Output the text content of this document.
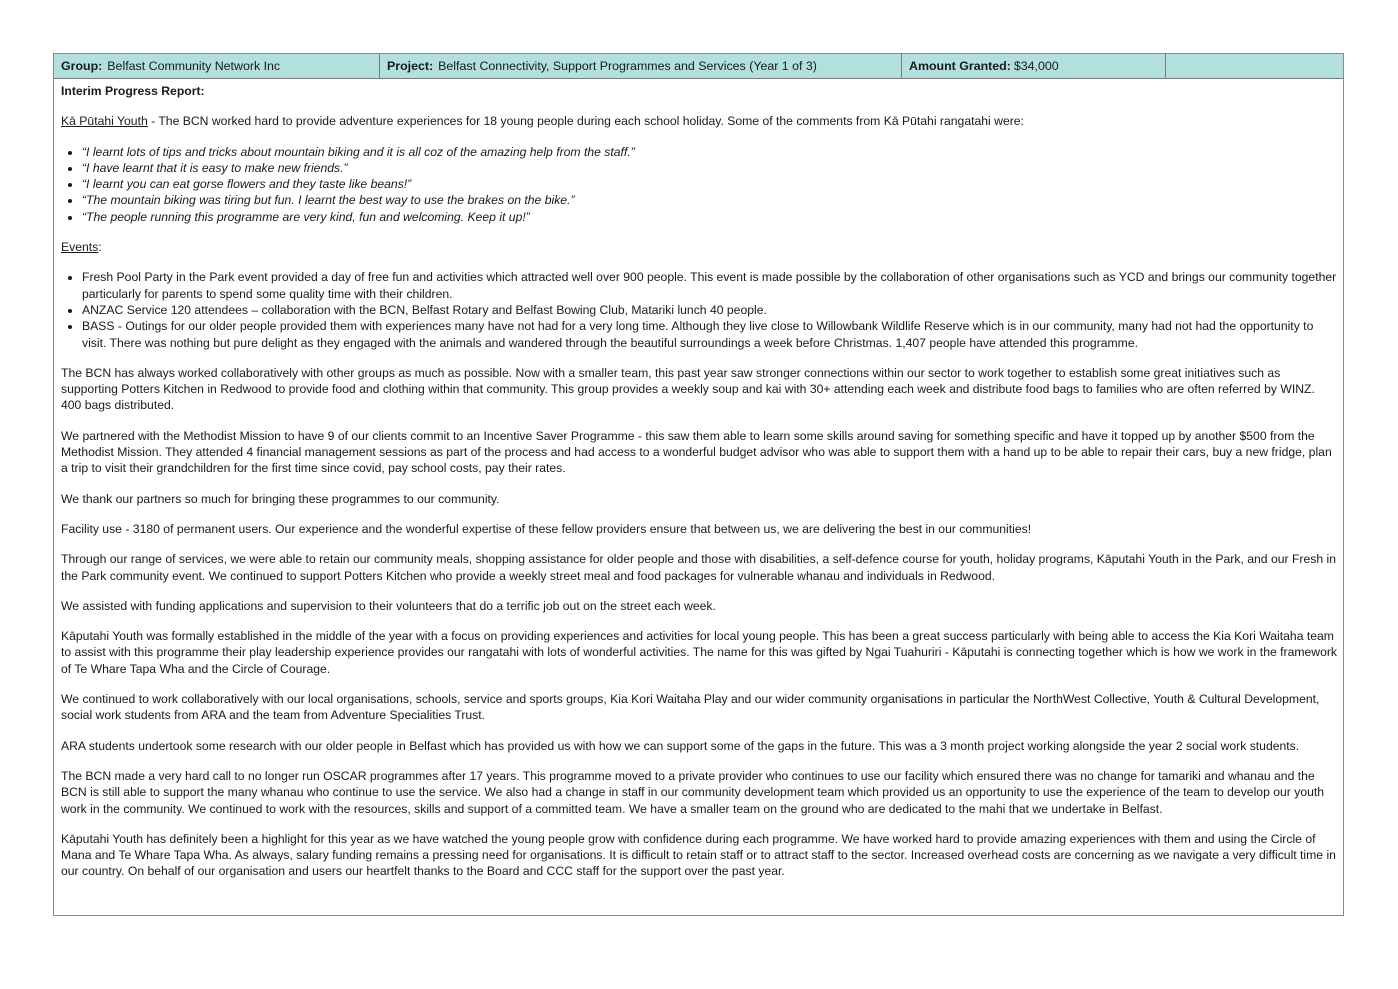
Group: Belfast Community Network Inc	Project: Belfast Connectivity, Support Programmes and Services (Year 1 of 3)	Amount Granted: $34,000

Interim Progress Report:

Kā Pūtahi Youth - The BCN worked hard to provide adventure experiences for 18 young people during each school holiday. Some of the comments from Kā Pūtahi rangatahi were:

• “I learnt lots of tips and tricks about mountain biking and it is all coz of the amazing help from the staff.”
• “I have learnt that it is easy to make new friends.”
• “I learnt you can eat gorse flowers and they taste like beans!”
• “The mountain biking was tiring but fun. I learnt the best way to use the brakes on the bike.”
• “The people running this programme are very kind, fun and welcoming. Keep it up!”

Events:

• Fresh Pool Party in the Park event provided a day of free fun and activities which attracted well over 900 people. This event is made possible by the collaboration of other organisations such as YCD and brings our community together particularly for parents to spend some quality time with their children.
• ANZAC Service 120 attendees – collaboration with the BCN, Belfast Rotary and Belfast Bowing Club, Matariki lunch 40 people.
• BASS - Outings for our older people provided them with experiences many have not had for a very long time. Although they live close to Willowbank Wildlife Reserve which is in our community, many had not had the opportunity to visit. There was nothing but pure delight as they engaged with the animals and wandered through the beautiful surroundings a week before Christmas. 1,407 people have attended this programme.

The BCN has always worked collaboratively with other groups as much as possible. Now with a smaller team, this past year saw stronger connections within our sector to work together to establish some great initiatives such as supporting Potters Kitchen in Redwood to provide food and clothing within that community. This group provides a weekly soup and kai with 30+ attending each week and distribute food bags to families who are often referred by WINZ. 400 bags distributed.

We partnered with the Methodist Mission to have 9 of our clients commit to an Incentive Saver Programme - this saw them able to learn some skills around saving for something specific and have it topped up by another $500 from the Methodist Mission. They attended 4 financial management sessions as part of the process and had access to a wonderful budget advisor who was able to support them with a hand up to be able to repair their cars, buy a new fridge, plan a trip to visit their grandchildren for the first time since covid, pay school costs, pay their rates.

We thank our partners so much for bringing these programmes to our community.

Facility use - 3180 of permanent users. Our experience and the wonderful expertise of these fellow providers ensure that between us, we are delivering the best in our communities!

Through our range of services, we were able to retain our community meals, shopping assistance for older people and those with disabilities, a self-defence course for youth, holiday programs, Kāputahi Youth in the Park, and our Fresh in the Park community event. We continued to support Potters Kitchen who provide a weekly street meal and food packages for vulnerable whanau and individuals in Redwood.

We assisted with funding applications and supervision to their volunteers that do a terrific job out on the street each week.

Kāputahi Youth was formally established in the middle of the year with a focus on providing experiences and activities for local young people. This has been a great success particularly with being able to access the Kia Kori Waitaha team to assist with this programme their play leadership experience provides our rangatahi with lots of wonderful activities. The name for this was gifted by Ngai Tuahuriri - Kāputahi is connecting together which is how we work in the framework of Te Whare Tapa Wha and the Circle of Courage.

We continued to work collaboratively with our local organisations, schools, service and sports groups, Kia Kori Waitaha Play and our wider community organisations in particular the NorthWest Collective, Youth & Cultural Development, social work students from ARA and the team from Adventure Specialities Trust.

ARA students undertook some research with our older people in Belfast which has provided us with how we can support some of the gaps in the future. This was a 3 month project working alongside the year 2 social work students.

The BCN made a very hard call to no longer run OSCAR programmes after 17 years. This programme moved to a private provider who continues to use our facility which ensured there was no change for tamariki and whanau and the BCN is still able to support the many whanau who continue to use the service. We also had a change in staff in our community development team which provided us an opportunity to use the experience of the team to develop our youth work in the community. We continued to work with the resources, skills and support of a committed team. We have a smaller team on the ground who are dedicated to the mahi that we undertake in Belfast.

Kāputahi Youth has definitely been a highlight for this year as we have watched the young people grow with confidence during each programme. We have worked hard to provide amazing experiences with them and using the Circle of Mana and Te Whare Tapa Wha. As always, salary funding remains a pressing need for organisations. It is difficult to retain staff or to attract staff to the sector. Increased overhead costs are concerning as we navigate a very difficult time in our country. On behalf of our organisation and users our heartfelt thanks to the Board and CCC staff for the support over the past year.
